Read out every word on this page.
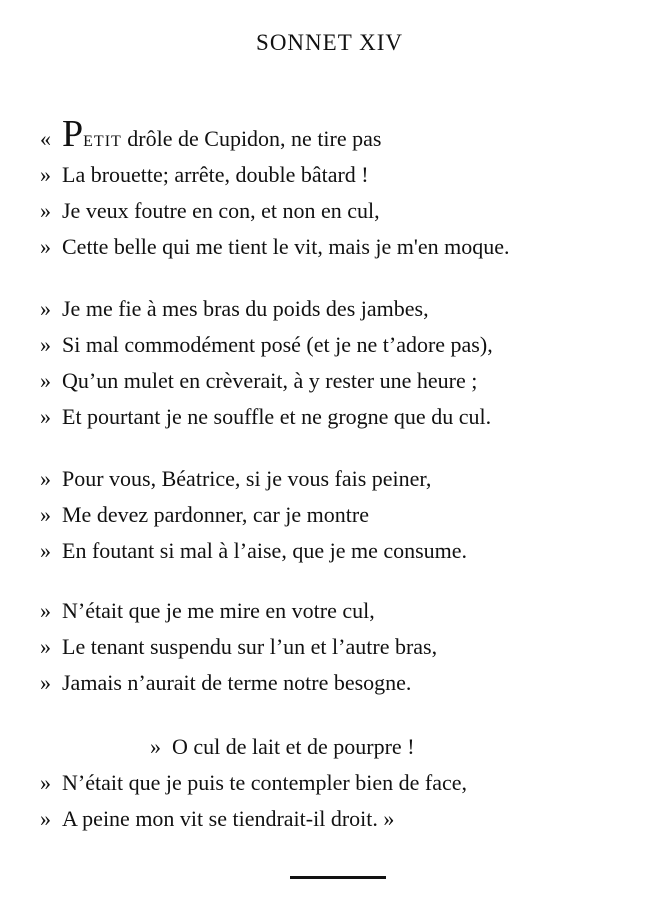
SONNET XIV
« PETIT drôle de Cupidon, ne tire pas
» La brouette; arrête, double bâtard !
» Je veux foutre en con, et non en cul,
» Cette belle qui me tient le vit, mais je m'en moque.
» Je me fie à mes bras du poids des jambes,
» Si mal commodément posé (et je ne t’adore pas),
» Qu’un mulet en crèverait, à y rester une heure ;
» Et pourtant je ne souffle et ne grogne que du cul.
» Pour vous, Béatrice, si je vous fais peiner,
» Me devez pardonner, car je montre
» En foutant si mal à l’aise, que je me consume.
» N’était que je me mire en votre cul,
» Le tenant suspendu sur l’un et l’autre bras,
» Jamais n’aurait de terme notre besogne.
» O cul de lait et de pourpre !
» N’était que je puis te contempler bien de face,
» A peine mon vit se tiendrait-il droit. »
